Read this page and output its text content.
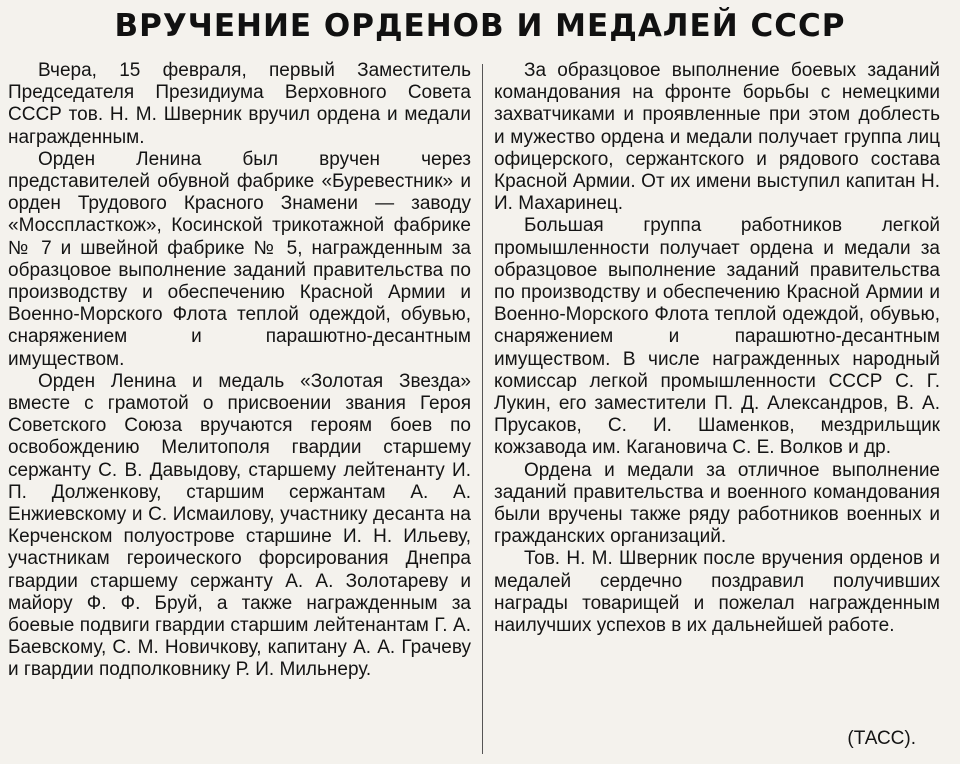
ВРУЧЕНИЕ ОРДЕНОВ И МЕДАЛЕЙ СССР

Вчера, 15 февраля, первый Заместитель Председателя Президиума Верховного Совета СССР тов. Н. М. Шверник вручил ордена и медали награжденным.

Орден Ленина был вручен через представителей обувной фабрике «Буревестник» и орден Трудового Красного Знамени — заводу «Мосспласткож», Косинской трикотажной фабрике № 7 и швейной фабрике № 5, награжденным за образцовое выполнение заданий правительства по производству и обеспечению Красной Армии и Военно-Морского Флота теплой одеждой, обувью, снаряжением и парашютно-десантным имуществом.

Орден Ленина и медаль «Золотая Звезда» вместе с грамотой о присвоении звания Героя Советского Союза вручаются героям боев по освобождению Мелитополя гвардии старшему сержанту С. В. Давыдову, старшему лейтенанту И. П. Долженкову, старшим сержантам А. А. Енжиевскому и С. Исмаилову, участнику десанта на Керченском полуострове старшине И. Н. Ильеву, участникам героического форсирования Днепра гвардии старшему сержанту А. А. Золотареву и майору Ф. Ф. Бруй, а также награжденным за боевые подвиги гвардии старшим лейтенантам Г. А. Баевскому, С. М. Новичкову, капитану А. А. Грачеву и гвардии подполковнику Р. И. Мильнеру.

За образцовое выполнение боевых заданий командования на фронте борьбы с немецкими захватчиками и проявленные при этом доблесть и мужество ордена и медали получает группа лиц офицерского, сержантского и рядового состава Красной Армии. От их имени выступил капитан Н. И. Махаринец.

Большая группа работников легкой промышленности получает ордена и медали за образцовое выполнение заданий правительства по производству и обеспечению Красной Армии и Военно-Морского Флота теплой одеждой, обувью, снаряжением и парашютно-десантным имуществом. В числе награжденных народный комиссар легкой промышленности СССР С. Г. Лукин, его заместители П. Д. Александров, В. А. Прусаков, С. И. Шаменков, мездрильщик кожзавода им. Кагановича С. Е. Волков и др.

Ордена и медали за отличное выполнение заданий правительства и военного командования были вручены также ряду работников военных и гражданских организаций.

Тов. Н. М. Шверник после вручения орденов и медалей сердечно поздравил получивших награды товарищей и пожелал награжденным наилучших успехов в их дальнейшей работе.

(ТАСС).
